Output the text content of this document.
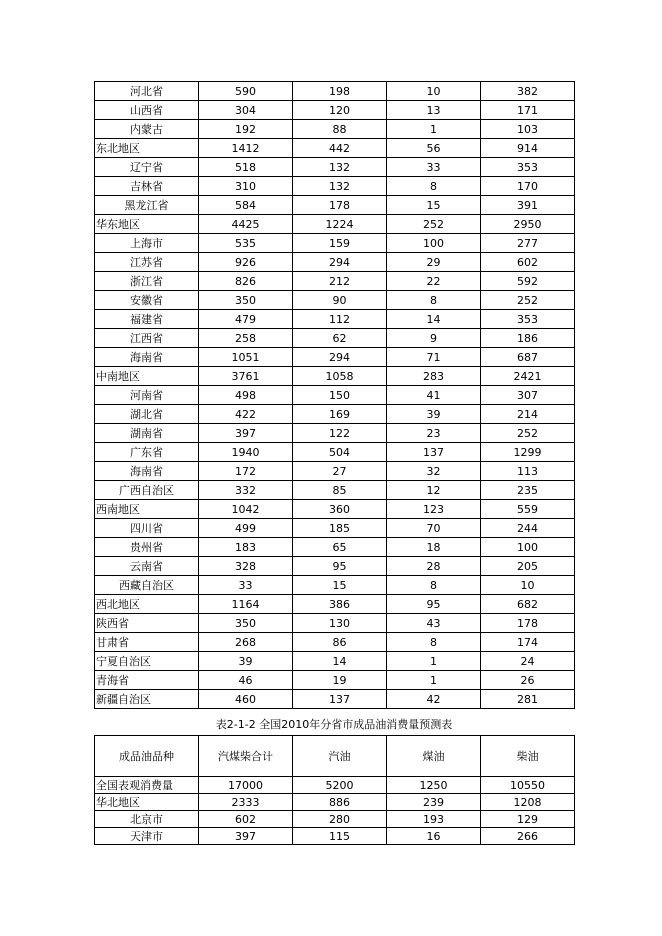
河北省	590	198	10	382
山西省	304	120	13	171
内蒙古	192	88	1	103
东北地区	1412	442	56	914
辽宁省	518	132	33	353
吉林省	310	132	8	170
黑龙江省	584	178	15	391
华东地区	4425	1224	252	2950
上海市	535	159	100	277
江苏省	926	294	29	602
浙江省	826	212	22	592
安徽省	350	90	8	252
福建省	479	112	14	353
江西省	258	62	9	186
海南省	1051	294	71	687
中南地区	3761	1058	283	2421
河南省	498	150	41	307
湖北省	422	169	39	214
湖南省	397	122	23	252
广东省	1940	504	137	1299
海南省	172	27	32	113
广西自治区	332	85	12	235
西南地区	1042	360	123	559
四川省	499	185	70	244
贵州省	183	65	18	100
云南省	328	95	28	205
西藏自治区	33	15	8	10
西北地区	1164	386	95	682
陕西省	350	130	43	178
甘肃省	268	86	8	174
宁夏自治区	39	14	1	24
青海省	46	19	1	26
新疆自治区	460	137	42	281
表2-1-2 全国2010年分省市成品油消费量预测表
成品油品种	汽煤柴合计	汽油	煤油	柴油
全国表观消费量	17000	5200	1250	10550
华北地区	2333	886	239	1208
北京市	602	280	193	129
天津市	397	115	16	266
